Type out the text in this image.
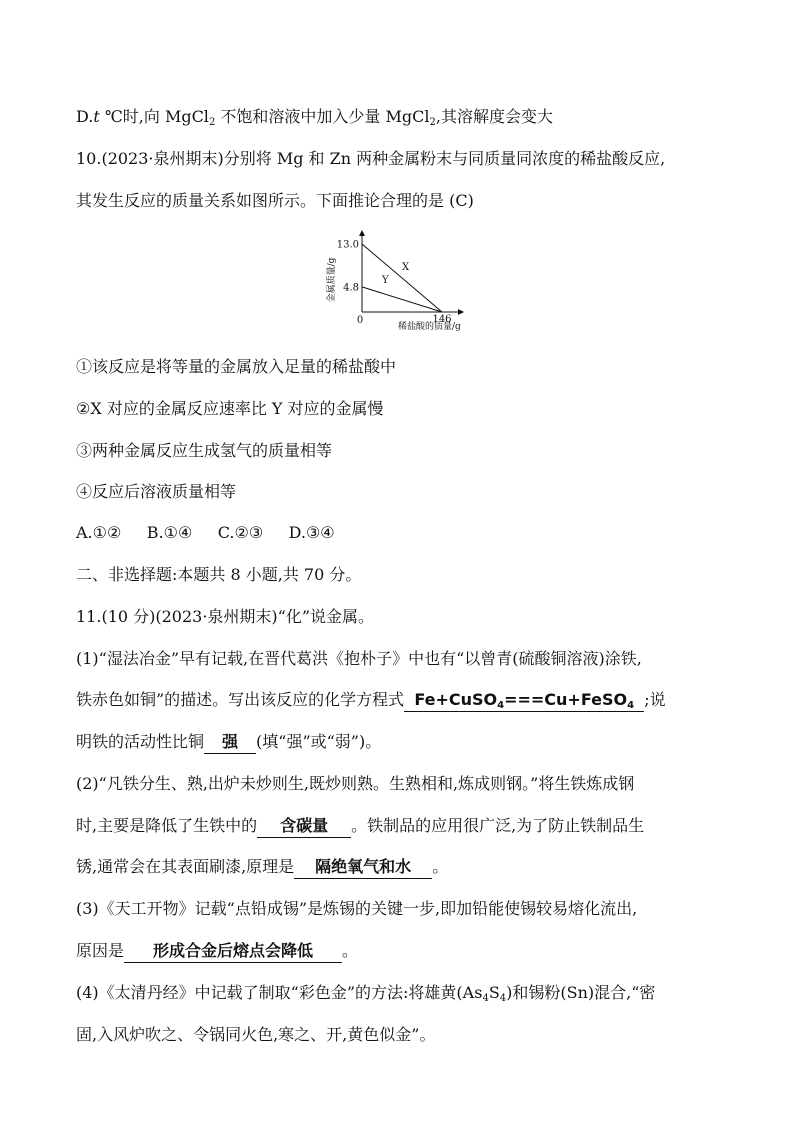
D.t ℃时,向 MgCl$_2$ 不饱和溶液中加入少量 MgCl$_2$,其溶解度会变大
10.(2023·泉州期末)分别将 Mg 和 Zn 两种金属粉末与同质量同浓度的稀盐酸反应,
其发生反应的质量关系如图所示。下面推论合理的是 (C)
13.0
4.8
146
0
X
Y
稀盐酸的质量/g
金属质量/g
①该反应是将等量的金属放入足量的稀盐酸中
②X 对应的金属反应速率比 Y 对应的金属慢
③两种金属反应生成氢气的质量相等
④反应后溶液质量相等
A.①②     B.①④     C.②③     D.③④
二、非选择题:本题共 8 小题,共 70 分。
11.(10 分)(2023·泉州期末)“化”说金属。
(1)“湿法冶金”早有记载,在晋代葛洪《抱朴子》中也有“以曾青(硫酸铜溶液)涂铁,
铁赤色如铜”的描述。写出该反应的化学方程式 Fe+CuSO$_4$===Cu+FeSO$_4$ ;说
明铁的活动性比铜 强 (填“强”或“弱”)。
(2)“凡铁分生、熟,出炉未炒则生,既炒则熟。生熟相和,炼成则钢。”将生铁炼成钢
时,主要是降低了生铁中的 含碳量 。铁制品的应用很广泛,为了防止铁制品生
锈,通常会在其表面刷漆,原理是 隔绝氧气和水 。
(3)《天工开物》记载“点铅成锡”是炼锡的关键一步,即加铅能使锡较易熔化流出,
原因是 形成合金后熔点会降低 。
(4)《太清丹经》中记载了制取“彩色金”的方法:将雄黄$(As_4S_4)$和锡粉(Sn)混合,“密
固,入风炉吹之、令锅同火色,寒之、开,黄色似金”。
